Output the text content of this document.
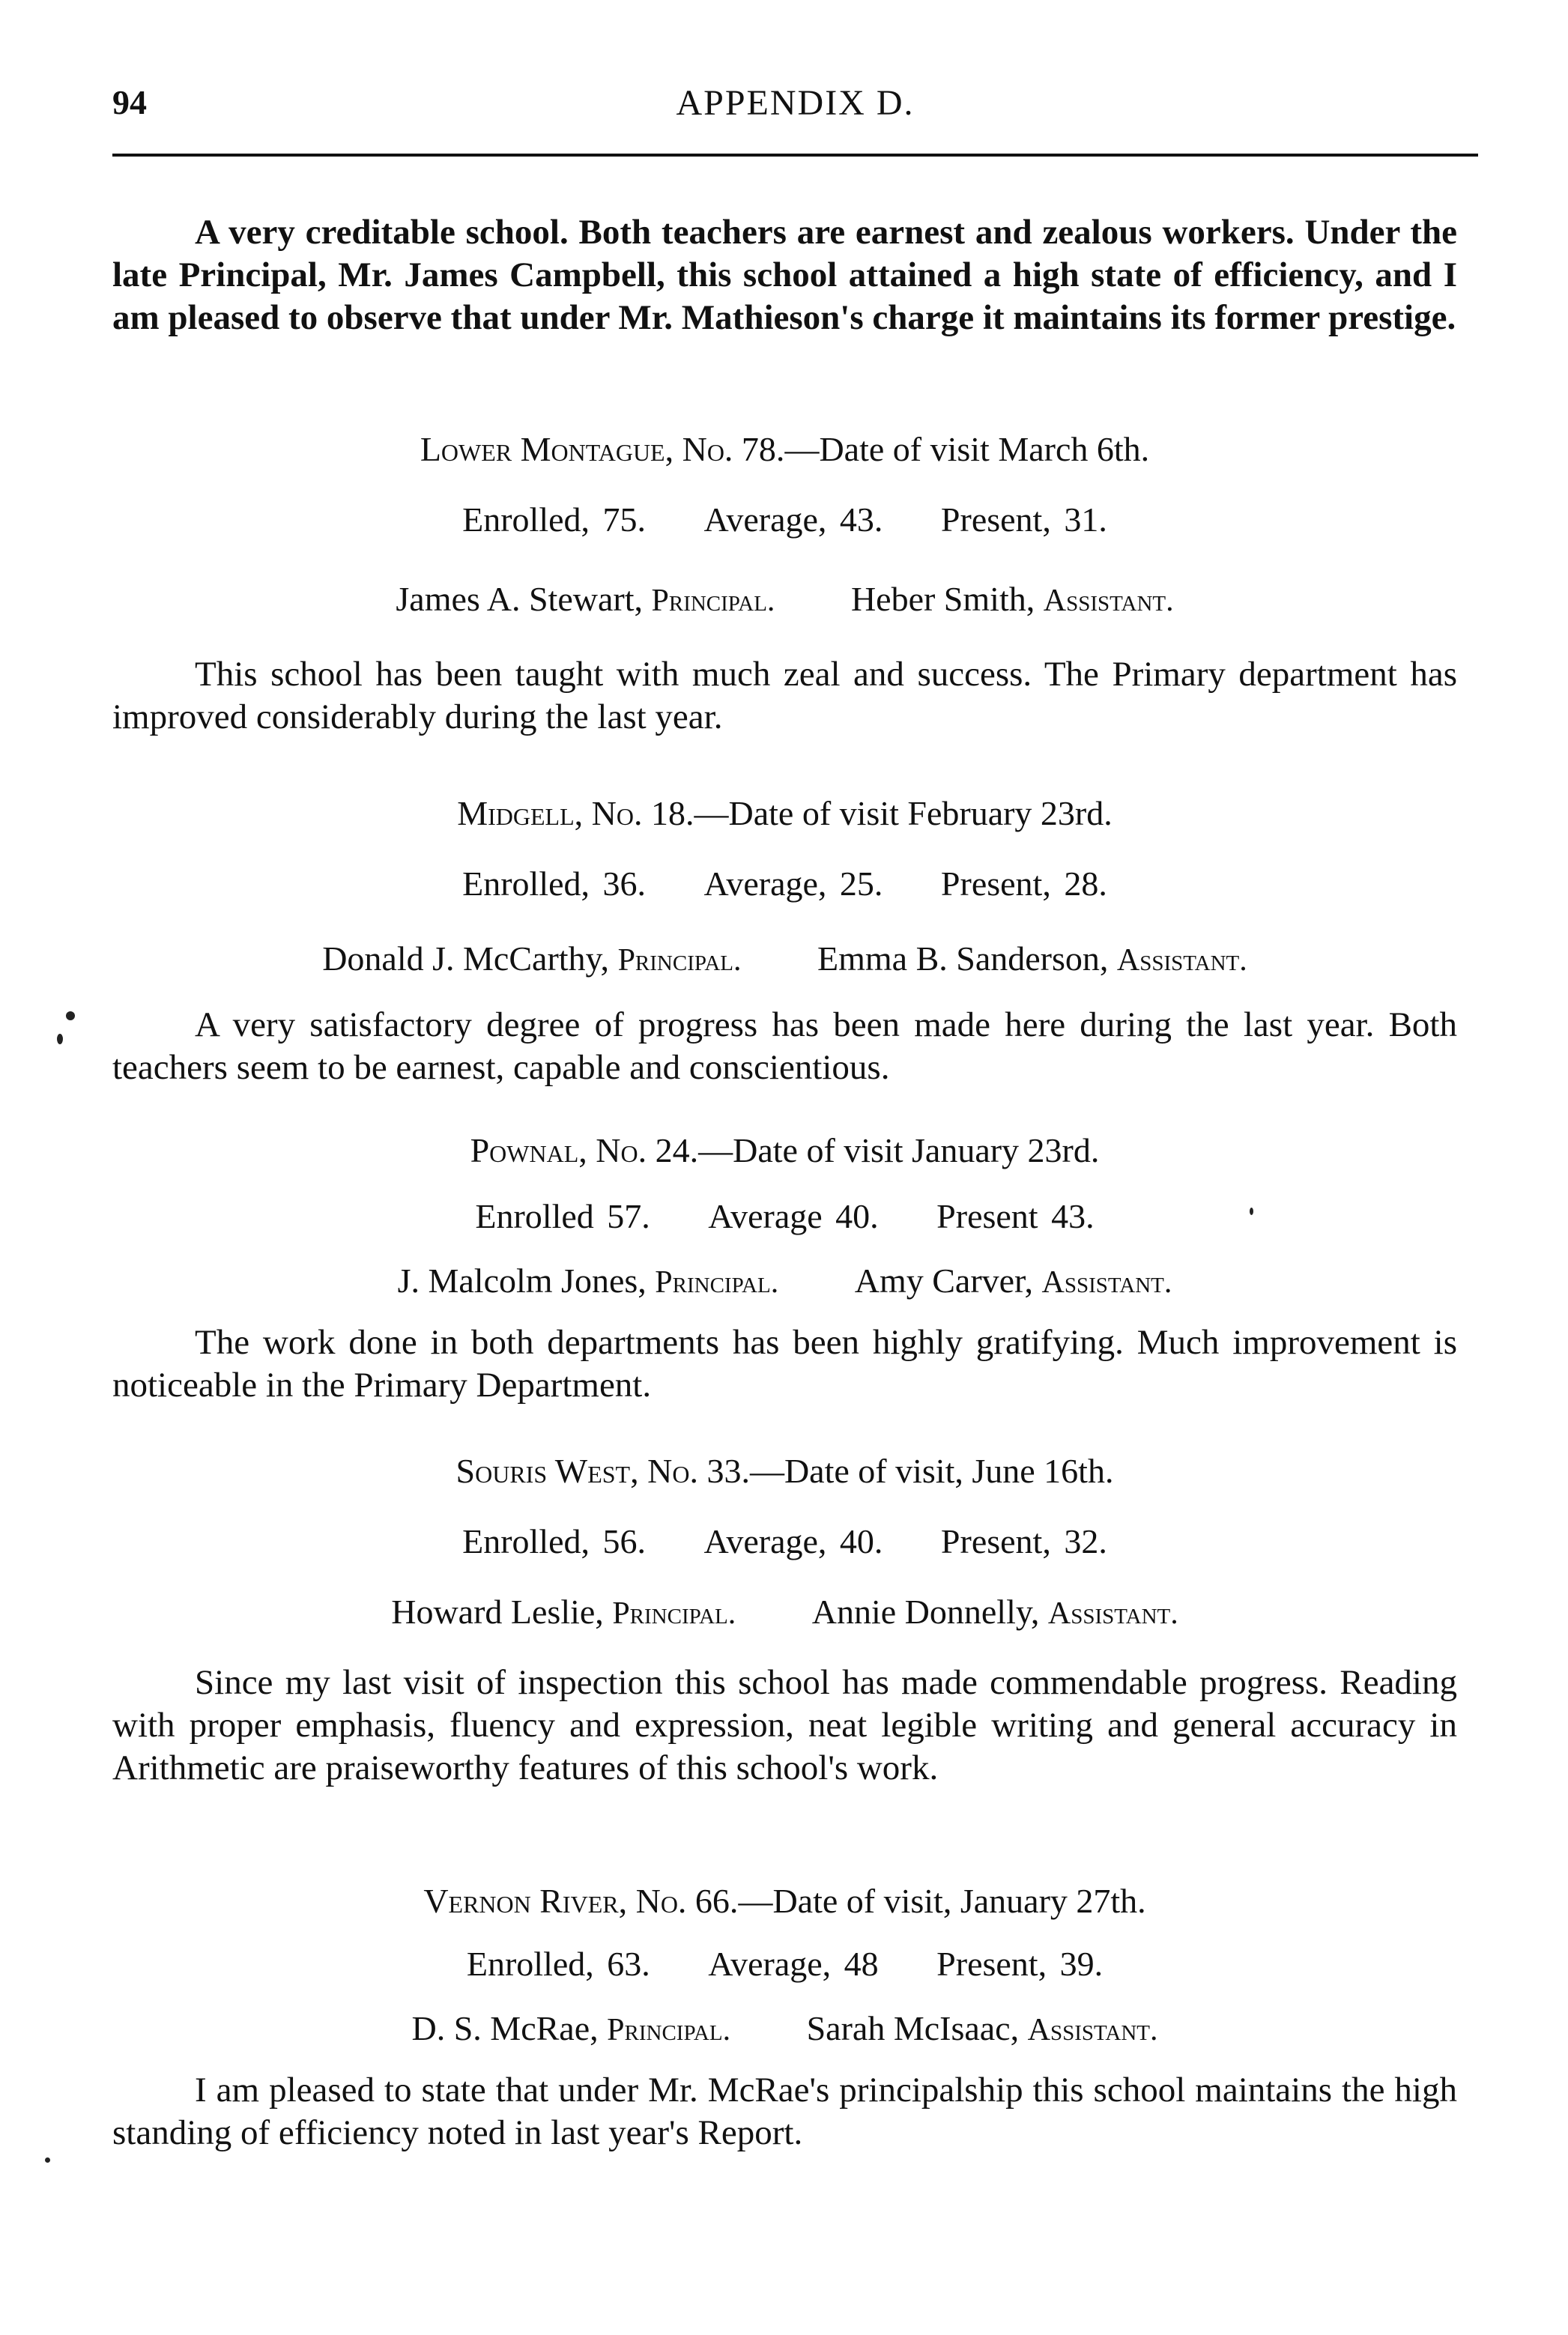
94	APPENDIX D.
A very creditable school. Both teachers are earnest and zealous workers. Under the late Principal, Mr. James Campbell, this school attained a high state of efficiency, and I am pleased to observe that under Mr. Mathieson's charge it maintains its former prestige.
Lower Montague, No. 78.—Date of visit March 6th.
Enrolled, 75. Average, 43. Present, 31.
James A. Stewart, Principal. Heber Smith, Assistant.
This school has been taught with much zeal and success. The Primary department has improved considerably during the last year.
Midgell, No. 18.—Date of visit February 23rd.
Enrolled, 36. Average, 25. Present, 28.
Donald J. McCarthy, Principal. Emma B. Sanderson, Assistant.
A very satisfactory degree of progress has been made here during the last year. Both teachers seem to be earnest, capable and conscientious.
Pownal, No. 24.—Date of visit January 23rd.
Enrolled 57. Average 40. Present 43.
J. Malcolm Jones, Principal. Amy Carver, Assistant.
The work done in both departments has been highly gratifying. Much improvement is noticeable in the Primary Department.
Souris West, No. 33.—Date of visit, June 16th.
Enrolled, 56. Average, 40. Present, 32.
Howard Leslie, Principal. Annie Donnelly, Assistant.
Since my last visit of inspection this school has made commendable progress. Reading with proper emphasis, fluency and expression, neat legible writing and general accuracy in Arithmetic are praiseworthy features of this school's work.
Vernon River, No. 66.—Date of visit, January 27th.
Enrolled, 63. Average, 48 Present, 39.
D. S. McRae, Principal. Sarah McIsaac, Assistant.
I am pleased to state that under Mr. McRae's principalship this school maintains the high standing of efficiency noted in last year's Report.
